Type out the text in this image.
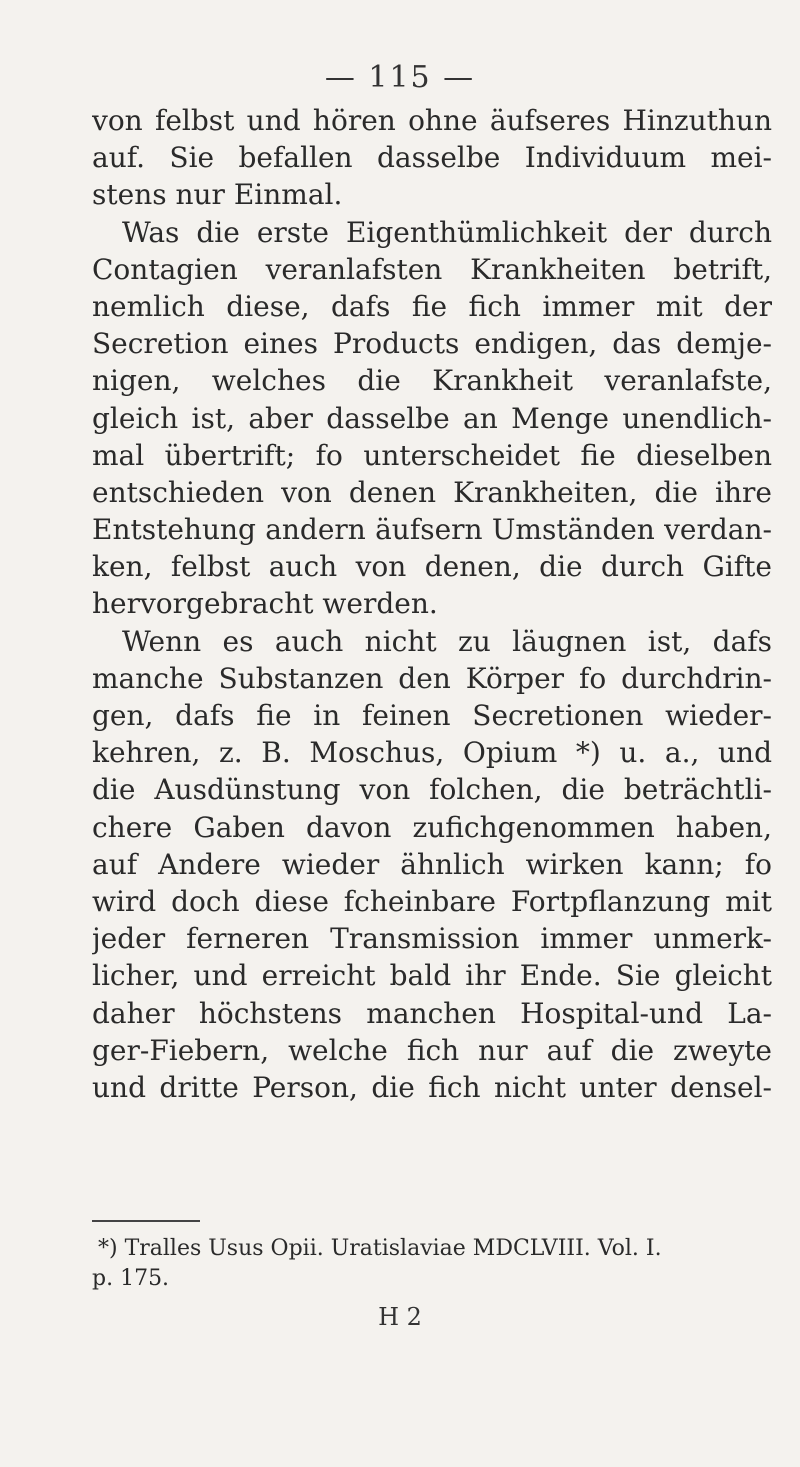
— 115 —
von felbst und hören ohne äufseres Hinzuthun
auf. Sie befallen dasselbe Individuum mei-
stens nur Einmal.
Was die erste Eigenthümlichkeit der durch
Contagien veranlafsten Krankheiten betrift,
nemlich diese, dafs fie fich immer mit der
Secretion eines Products endigen, das demje-
nigen, welches die Krankheit veranlafste,
gleich ist, aber dasselbe an Menge unendlich-
mal übertrift; fo unterscheidet fie dieselben
entschieden von denen Krankheiten, die ihre
Entstehung andern äufsern Umständen verdan-
ken, felbst auch von denen, die durch Gifte
hervorgebracht werden.
Wenn es auch nicht zu läugnen ist, dafs
manche Substanzen den Körper fo durchdrin-
gen, dafs fie in feinen Secretionen wieder-
kehren, z. B. Moschus, Opium *) u. a., und
die Ausdünstung von folchen, die beträchtli-
chere Gaben davon zufichgenommen haben,
auf Andere wieder ähnlich wirken kann; fo
wird doch diese fcheinbare Fortpflanzung mit
jeder ferneren Transmission immer unmerk-
licher, und erreicht bald ihr Ende. Sie gleicht
daher höchstens manchen Hospital-und La-
ger-Fiebern, welche fich nur auf die zweyte
und dritte Person, die fich nicht unter densel-
*) Tralles Usus Opii. Uratislaviae MDCLVIII. Vol. I.
p. 175.
H 2
